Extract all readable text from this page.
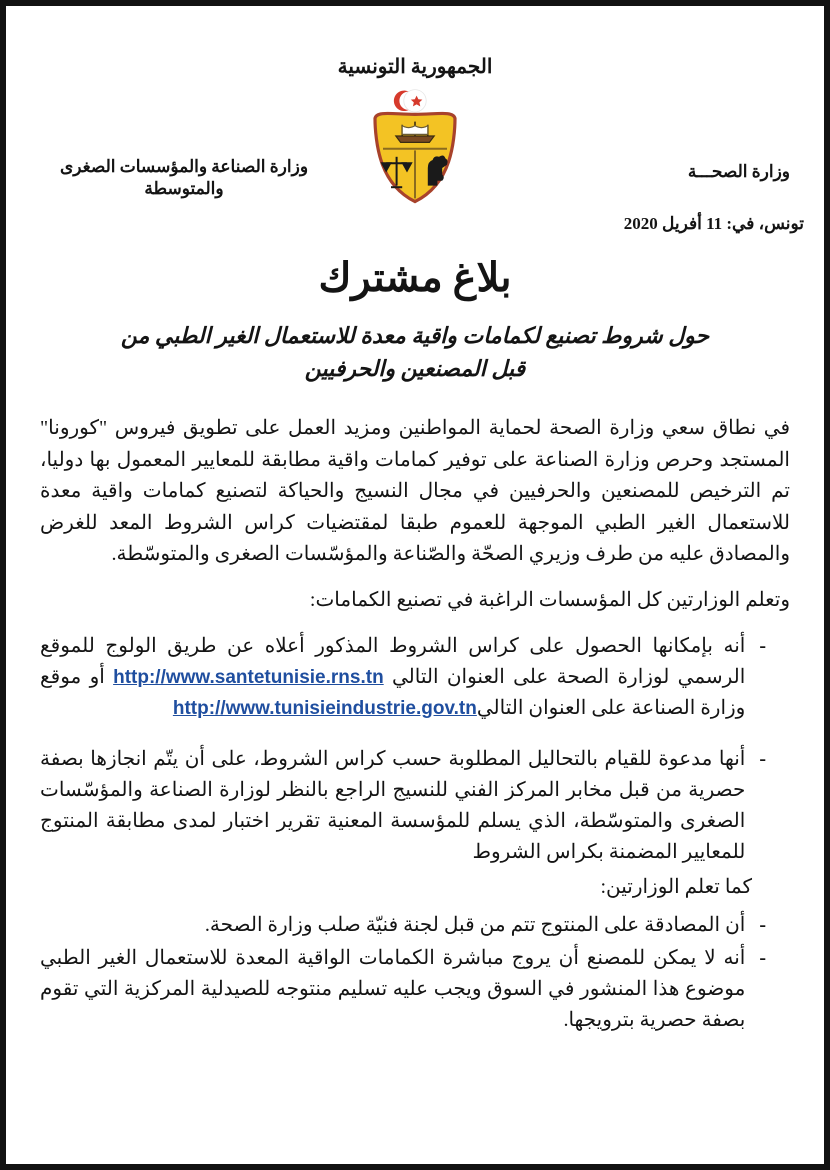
الجمهورية التونسية
وزارة الصناعة والمؤسسات الصغرى والمتوسطة
وزارة الصحـــة
تونس، في: 11 أفريل 2020
بلاغ مشترك
حول شروط تصنيع لكمامات واقية معدة للاستعمال الغير الطبي من قبل المصنعين والحرفيين

في نطاق سعي وزارة الصحة لحماية المواطنين ومزيد العمل على تطويق فيروس "كورونا" المستجد وحرص وزارة الصناعة على توفير كمامات واقية مطابقة للمعايير المعمول بها دوليا، تم الترخيص للمصنعين والحرفيين في مجال النسيج والحياكة لتصنيع كمامات واقية معدة للاستعمال الغير الطبي الموجهة للعموم طبقا لمقتضيات كراس الشروط المعد للغرض والمصادق عليه من طرف وزيري الصحّة والصّناعة والمؤسّسات الصغرى والمتوسّطة.

وتعلم الوزارتين كل المؤسسات الراغبة في تصنيع الكمامات:

-
أنه بإمكانها الحصول على كراس الشروط المذكور أعلاه عن طريق الولوج للموقع الرسمي لوزارة الصحة على العنوان التالي http://www.santetunisie.rns.tn أو موقع وزارة الصناعة على العنوان التاليhttp://www.tunisieindustrie.gov.tn
-
أنها مدعوة للقيام بالتحاليل المطلوبة حسب كراس الشروط، على أن يتّم انجازها بصفة حصرية من قبل مخابر المركز الفني للنسيج الراجع بالنظر لوزارة الصناعة والمؤسّسات الصغرى والمتوسّطة، الذي يسلم للمؤسسة المعنية تقرير اختبار لمدى مطابقة المنتوج للمعايير المضمنة بكراس الشروط

كما تعلم الوزارتين:

-
أن المصادقة على المنتوج تتم من قبل لجنة فنيّة صلب وزارة الصحة.
-
أنه لا يمكن للمصنع أن يروج مباشرة الكمامات الواقية المعدة للاستعمال الغير الطبي موضوع هذا المنشور في السوق ويجب عليه تسليم منتوجه للصيدلية المركزية التي تقوم بصفة حصرية بترويجها.
